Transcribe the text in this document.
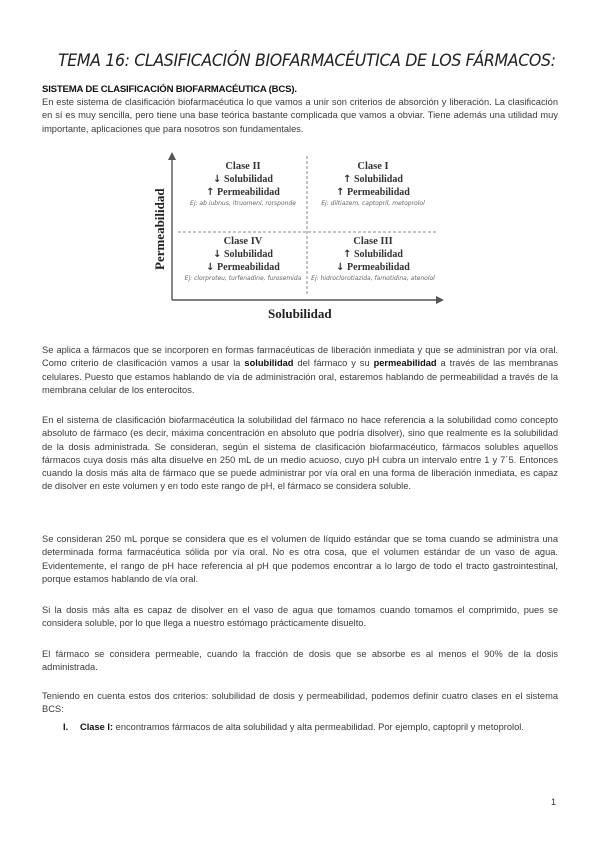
TEMA 16: CLASIFICACIÓN BIOFARMACÉUTICA DE LOS FÁRMACOS:
SISTEMA DE CLASIFICACIÓN BIOFARMACÉUTICA (BCS).

En este sistema de clasificación biofarmacéutica lo que vamos a unir son criterios de absorción y liberación. La clasificación en sí es muy sencilla, pero tiene una base teórica bastante complicada que vamos a obviar. Tiene además una utilidad muy importante, aplicaciones que para nosotros son fundamentales.

Permeabilidad

Solubilidad

Clase II

↓ Solubilidad

↑ Permeabilidad

Ej: ab iubnus, itruomeni, rorsponde

Clase I

↑ Solubilidad

↑ Permeabilidad

Ej: diltiazem, captopril, metoprolol

Clase IV

↓ Solubilidad

↓ Permeabilidad

Ej: clorproteu, turfenadine, furosemida

Clase III

↑ Solubilidad

↓ Permeabilidad

Ej: hidroclorotiazida, famotidina, atenolol

Se aplica a fármacos que se incorporen en formas farmacéuticas de liberación inmediata y que se administran por vía oral. Como criterio de clasificación vamos a usar la solubilidad del fármaco y su permeabilidad a través de las membranas celulares. Puesto que estamos hablando de vía de administración oral, estaremos hablando de permeabilidad a través de la membrana celular de los enterocitos.

En el sistema de clasificación biofarmacéutica la solubilidad del fármaco no hace referencia a la solubilidad como concepto absoluto de fármaco (es decir, máxima concentración en absoluto que podría disolver), sino que realmente es la solubilidad de la dosis administrada. Se consideran, según el sistema de clasificación biofarmacéutico, fármacos solubles aquellos fármacos cuya dosis más alta disuelve en 250 mL de un medio acuoso, cuyo pH cubra un intervalo entre 1 y 7´5. Entonces cuando la dosis más alta de fármaco que se puede administrar por vía oral en una forma de liberación inmediata, es capaz de disolver en este volumen y en todo este rango de pH, el fármaco se considera soluble.

Se consideran 250 mL porque se considera que es el volumen de líquido estándar que se toma cuando se administra una determinada forma farmacéutica sólida por vía oral. No es otra cosa, que el volumen estándar de un vaso de agua. Evidentemente, el rango de pH hace referencia al pH que podemos encontrar a lo largo de todo el tracto gastrointestinal, porque estamos hablando de vía oral.

Si la dosis más alta es capaz de disolver en el vaso de agua que tomamos cuando tomamos el comprimido, pues se considera soluble, por lo que llega a nuestro estómago prácticamente disuelto.

El fármaco se considera permeable, cuando la fracción de dosis que se absorbe es al menos el 90% de la dosis administrada.

Teniendo en cuenta estos dos criterios: solubilidad de dosis y permeabilidad, podemos definir cuatro clases en el sistema BCS:

I. Clase I: encontramos fármacos de alta solubilidad y alta permeabilidad. Por ejemplo, captopril y metoprolol.

1
